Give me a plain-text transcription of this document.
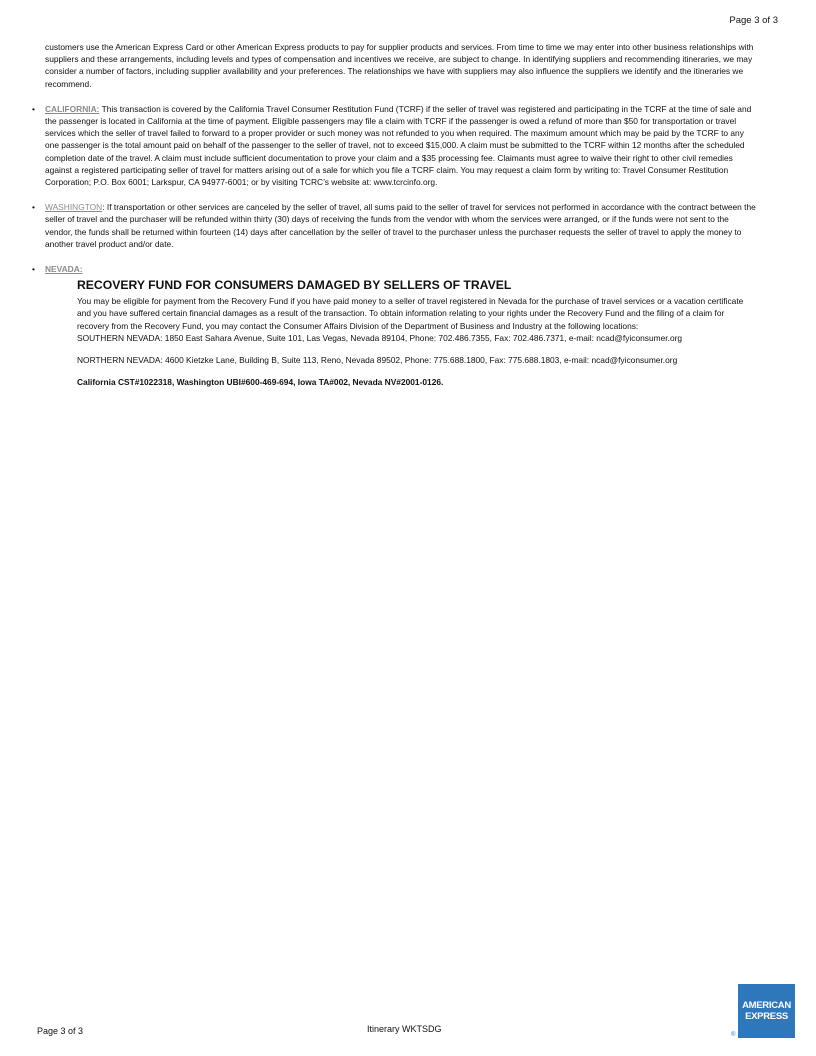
Page 3 of 3

customers use the American Express Card or other American Express products to pay for supplier products and services. From time to time we may enter into other business relationships with suppliers and these arrangements, including levels and types of compensation and incentives we receive, are subject to change. In identifying suppliers and recommending itineraries, we may consider a number of factors, including supplier availability and your preferences. The relationships we have with suppliers may also influence the suppliers we identify and the itineraries we recommend.

• CALIFORNIA: This transaction is covered by the California Travel Consumer Restitution Fund (TCRF) if the seller of travel was registered and participating in the TCRF at the time of sale and the passenger is located in California at the time of payment. Eligible passengers may file a claim with TCRF if the passenger is owed a refund of more than $50 for transportation or travel services which the seller of travel failed to forward to a proper provider or such money was not refunded to you when required. The maximum amount which may be paid by the TCRF to any one passenger is the total amount paid on behalf of the passenger to the seller of travel, not to exceed $15,000. A claim must be submitted to the TCRF within 12 months after the scheduled completion date of the travel. A claim must include sufficient documentation to prove your claim and a $35 processing fee. Claimants must agree to waive their right to other civil remedies against a registered participating seller of travel for matters arising out of a sale for which you file a TCRF claim. You may request a claim form by writing to: Travel Consumer Restitution Corporation; P.O. Box 6001; Larkspur, CA 94977-6001; or by visiting TCRC’s website at: www.tcrcinfo.org.
• WASHINGTON: If transportation or other services are canceled by the seller of travel, all sums paid to the seller of travel for services not performed in accordance with the contract between the seller of travel and the purchaser will be refunded within thirty (30) days of receiving the funds from the vendor with whom the services were arranged, or if the funds were not sent to the vendor, the funds shall be returned within fourteen (14) days after cancellation by the seller of travel to the purchaser unless the purchaser requests the seller of travel to apply the money to another travel product and/or date.
• NEVADA:
RECOVERY FUND FOR CONSUMERS DAMAGED BY SELLERS OF TRAVEL

You may be eligible for payment from the Recovery Fund if you have paid money to a seller of travel registered in Nevada for the purchase of travel services or a vacation certificate and you have suffered certain financial damages as a result of the transaction. To obtain information relating to your rights under the Recovery Fund and the filing of a claim for recovery from the Recovery Fund, you may contact the Consumer Affairs Division of the Department of Business and Industry at the following locations:

SOUTHERN NEVADA: 1850 East Sahara Avenue, Suite 101, Las Vegas, Nevada 89104, Phone: 702.486.7355, Fax: 702.486.7371, e-mail: ncad@fyiconsumer.org

NORTHERN NEVADA: 4600 Kietzke Lane, Building B, Suite 113, Reno, Nevada 89502, Phone: 775.688.1800, Fax: 775.688.1803, e-mail: ncad@fyiconsumer.org

California CST#1022318, Washington UBI#600-469-694, Iowa TA#002, Nevada NV#2001-0126.

Page 3 of 3	Itinerary WKTSDG
AMERICAN
EXPRESS
®
